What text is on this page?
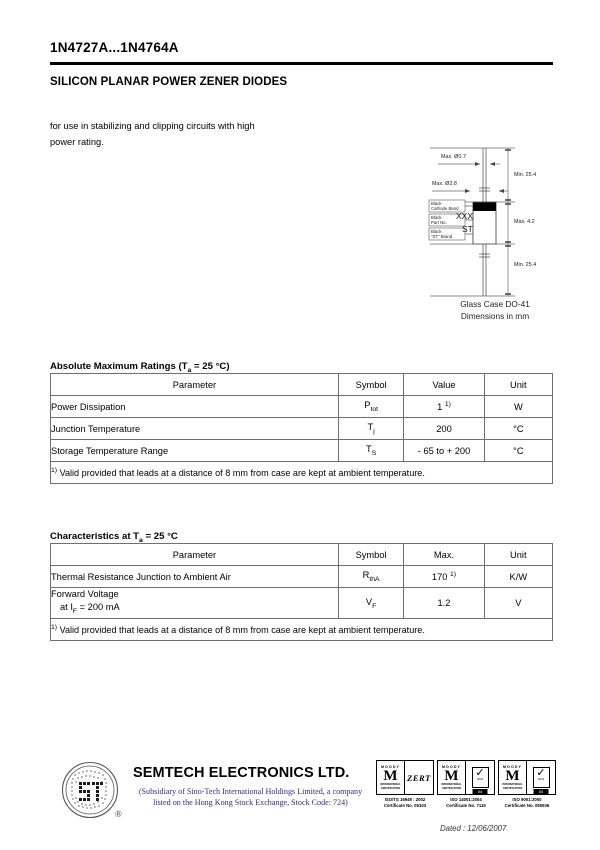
1N4727A...1N4764A
SILICON PLANAR POWER ZENER DIODES
for use in stabilizing and clipping circuits with high
power rating.
Max. Ø0.7
Max. Ø2.8
Min. 25.4
Max. 4.2
Min. 25.4
Black
Cathode Band
Black
Part No.
Black
"ST" Brand
XXX
ST
Glass Case DO-41
Dimensions in mm
Absolute Maximum Ratings ($T_a = 25$ °C)
Parameter	Symbol	Value	Unit
Power Dissipation	$P_{tot}$	1 $^{1)}$	W
Junction Temperature	$T_j$	200	°C
Storage Temperature Range	$T_S$	- 65 to + 200	°C
$^{1)}$ Valid provided that leads at a distance of 8 mm from case are kept at ambient temperature.			
Characteristics at $T_a = 25$ °C
Parameter	Symbol	Max.	Unit
Thermal Resistance Junction to Ambient Air	$R_{thA}$	170 $^{1)}$	K/W

Forward Voltage
at $I_F = 200$ mA	$V_F$	1.2	V
$^{1)}$ Valid provided that leads at a distance of 8 mm from case are kept at ambient temperature.			
®
SEMTECH ELECTRONICS LTD.
(Subsidiary of Sino-Tech International Holdings Limited, a company
listed on the Hong Kong Stock Exchange, Stock Code: 724)
MOODY
M
INTERNATIONAL
CERTIFICATION
ZERT
ISO/TS 16949 : 2002
Certificate No. 05103
MOODY
M
INTERNATIONAL
CERTIFICATION
✓
UKAS
04
ISO 14001:2004
Certificate No. 7116
MOODY
M
INTERNATIONAL
CERTIFICATION
✓
UKAS
04
ISO 9001:2000
Certificate No. 050936
Dated : 12/06/2007
